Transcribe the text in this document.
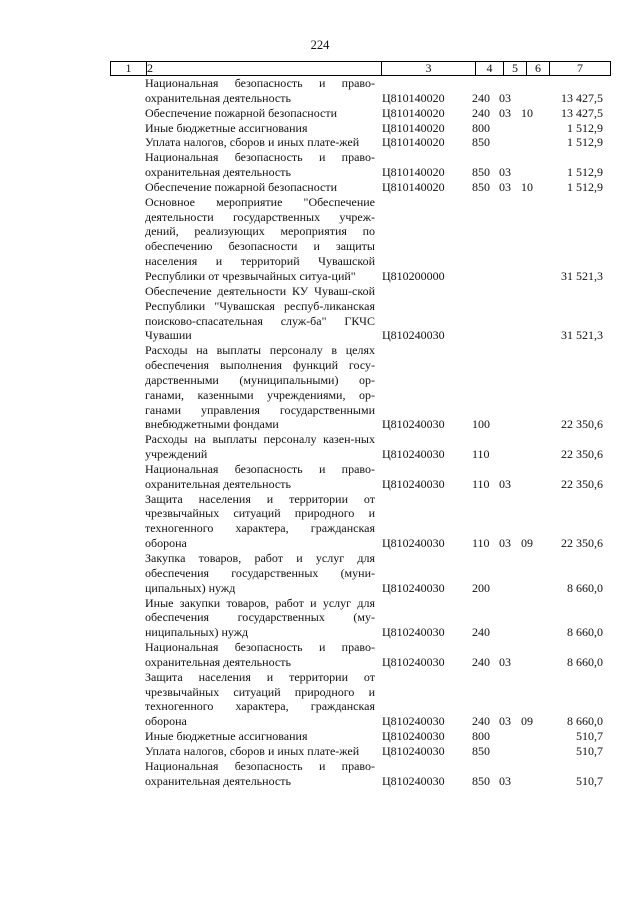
224
1	2	3	4	5	6	7
	Национальная безопасность и право-охранительная деятельность	Ц810140020	240	03		13 427,5
	Обеспечение пожарной безопасности	Ц810140020	240	03	10	13 427,5
	Иные бюджетные ассигнования	Ц810140020	800			1 512,9
	Уплата налогов, сборов и иных плате-жей	Ц810140020	850			1 512,9
	Национальная безопасность и право-охранительная деятельность	Ц810140020	850	03		1 512,9
	Обеспечение пожарной безопасности	Ц810140020	850	03	10	1 512,9
	Основное мероприятие "Обеспечение деятельности государственных учреж-дений, реализующих мероприятия по обеспечению безопасности и защиты населения и территорий Чувашской Республики от чрезвычайных ситуа-ций"	Ц810200000				31 521,3
	Обеспечение деятельности КУ Чуваш-ской Республики "Чувашская респуб-ликанская поисково-спасательная служ-ба" ГКЧС Чувашии	Ц810240030				31 521,3
	Расходы на выплаты персоналу в целях обеспечения выполнения функций госу-дарственными (муниципальными) ор-ганами, казенными учреждениями, ор-ганами управления государственными внебюджетными фондами	Ц810240030	100			22 350,6
	Расходы на выплаты персоналу казен-ных учреждений	Ц810240030	110			22 350,6
	Национальная безопасность и право-охранительная деятельность	Ц810240030	110	03		22 350,6
	Защита населения и территории от чрезвычайных ситуаций природного и техногенного характера, гражданская оборона	Ц810240030	110	03	09	22 350,6
	Закупка товаров, работ и услуг для обеспечения государственных (муни-ципальных) нужд	Ц810240030	200			8 660,0
	Иные закупки товаров, работ и услуг для обеспечения государственных (му-ниципальных) нужд	Ц810240030	240			8 660,0
	Национальная безопасность и право-охранительная деятельность	Ц810240030	240	03		8 660,0
	Защита населения и территории от чрезвычайных ситуаций природного и техногенного характера, гражданская оборона	Ц810240030	240	03	09	8 660,0
	Иные бюджетные ассигнования	Ц810240030	800			510,7
	Уплата налогов, сборов и иных плате-жей	Ц810240030	850			510,7
	Национальная безопасность и право-охранительная деятельность	Ц810240030	850	03		510,7
